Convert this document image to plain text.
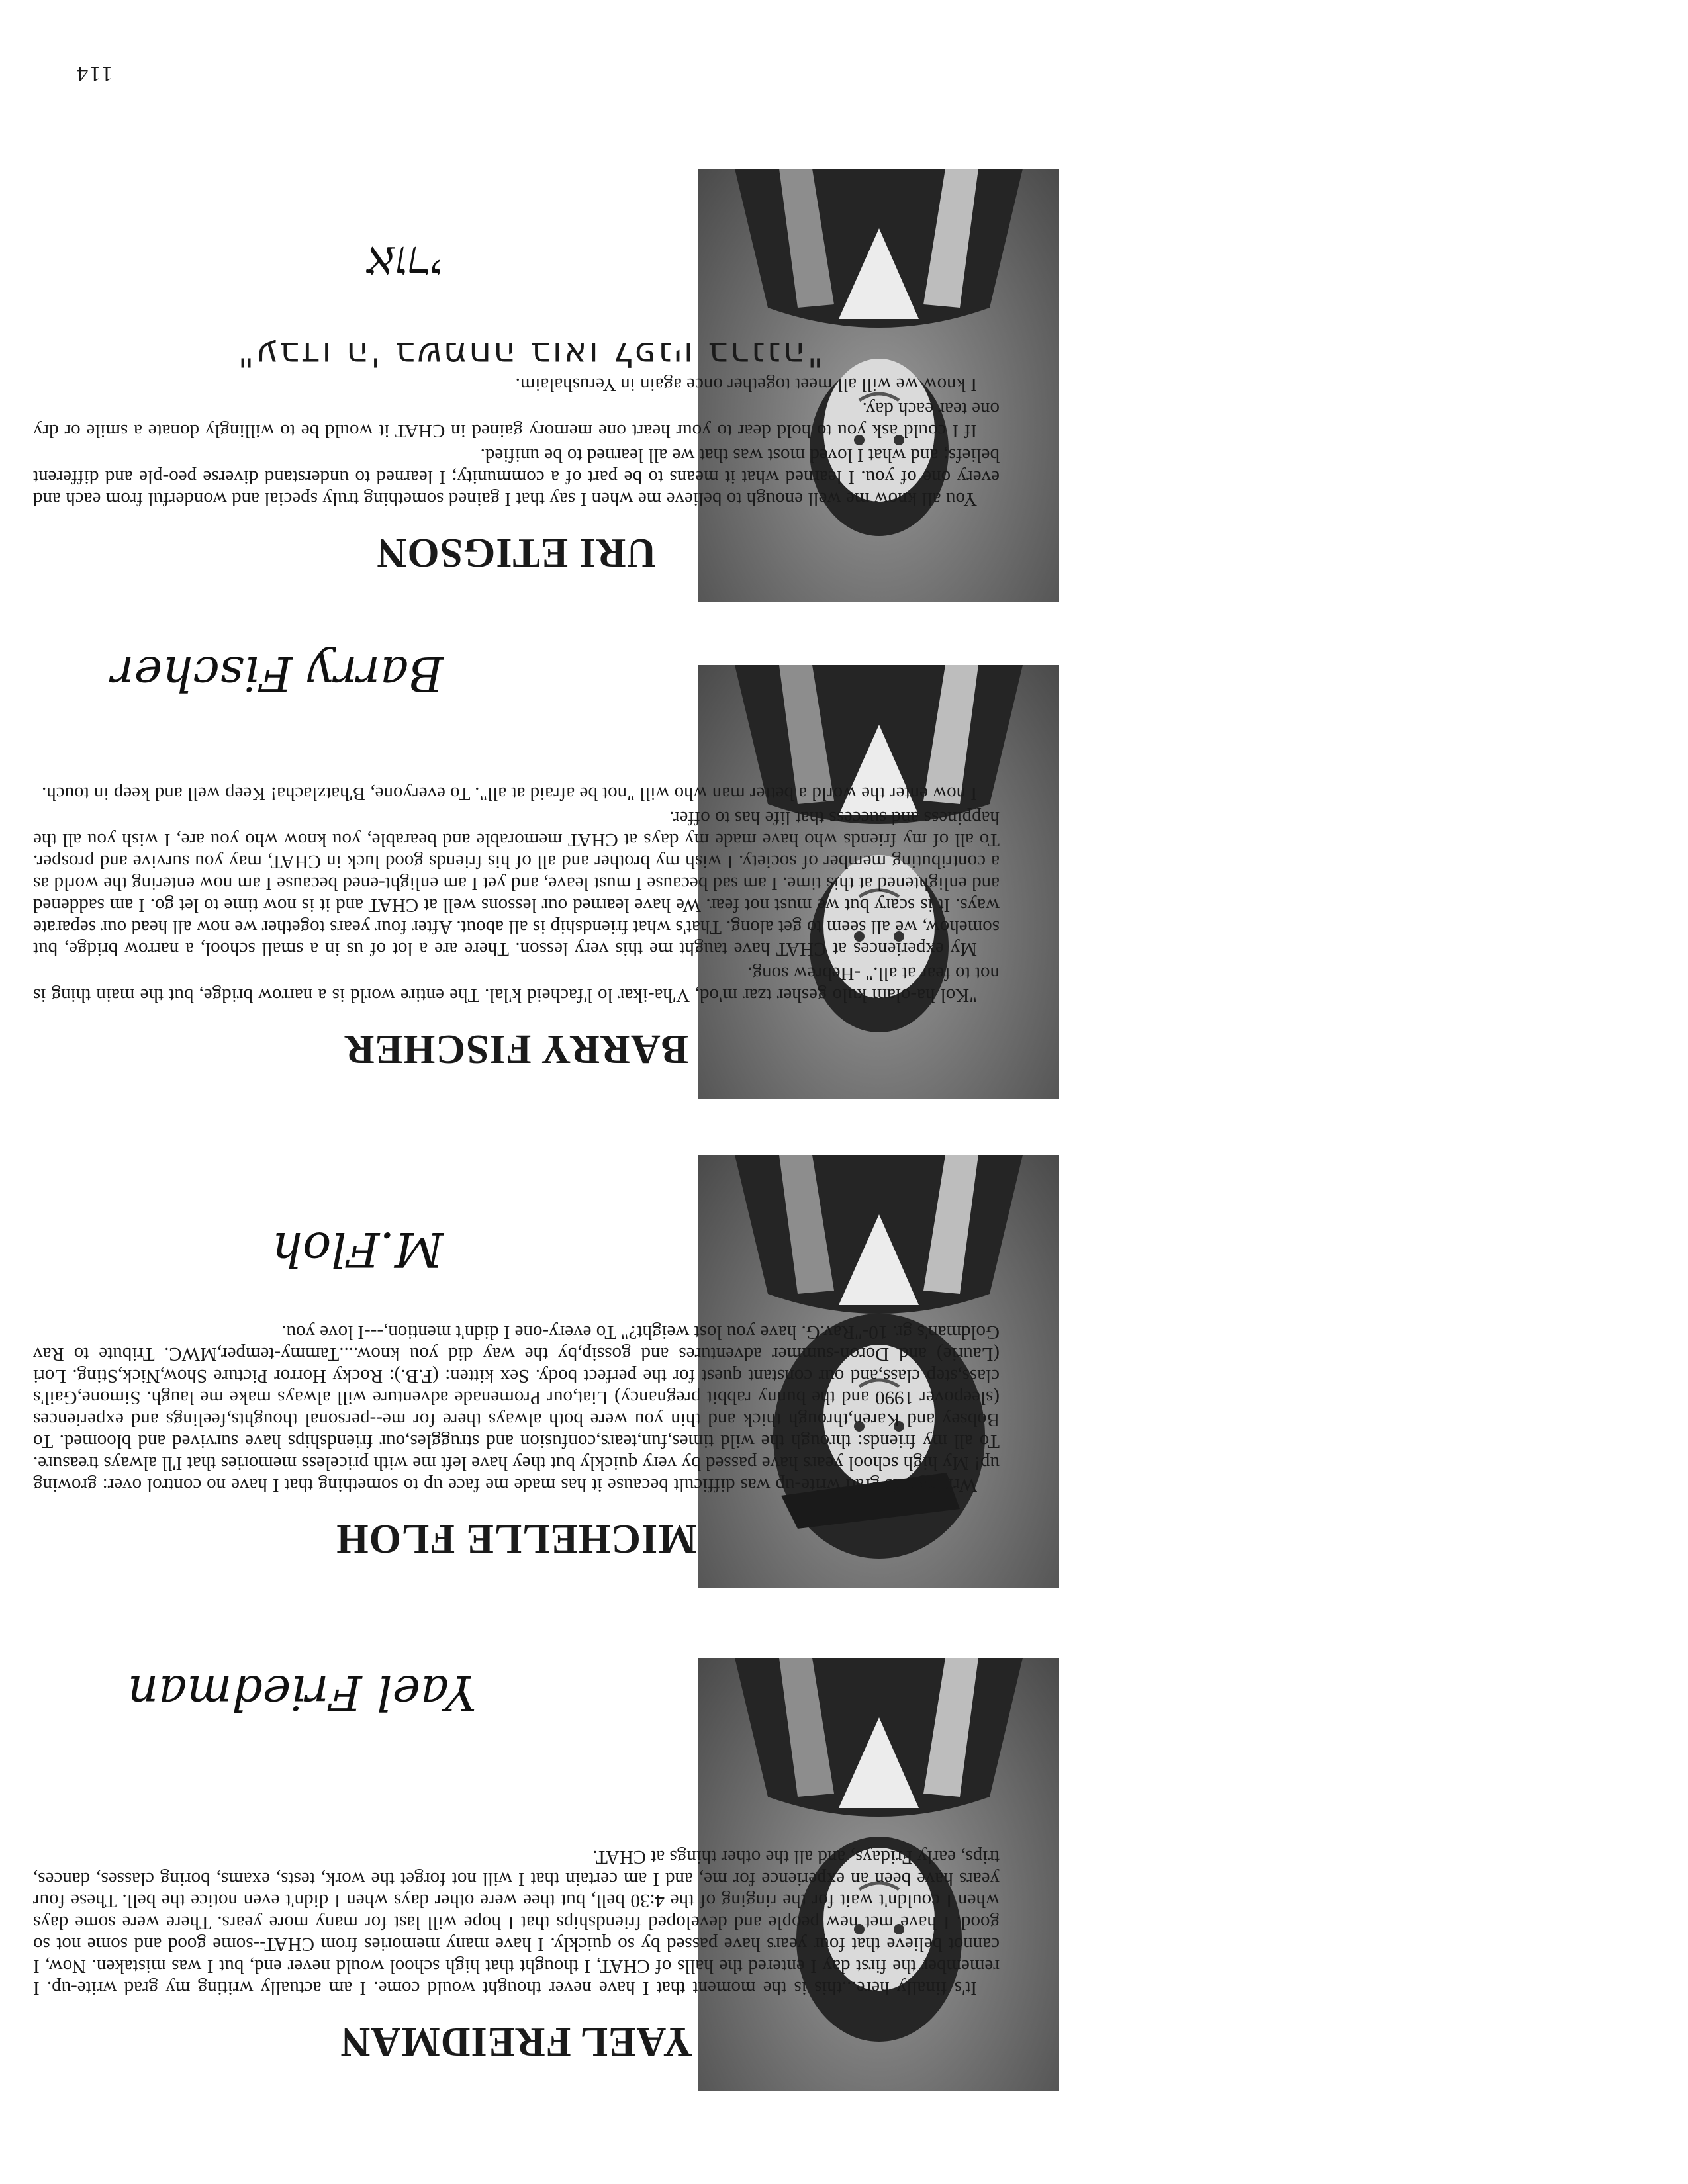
114
YAEL FREIDMAN

It's finally here...this is the moment that I have never thought would come. I am actually writing my grad write-up. I remember the first day I entered the halls of CHAT, I thought that high school would never end, but I was mistaken. Now, I cannot believe that four years have passed by so quickly. I have many memories from CHAT--some good and some not so good. I have met new people and developed friendships that I hope will last for many more years. There were some days when I couldn't wait for the ringing of the 4:30 bell, but thee were other days when I didn't even notice the bell. These four years have been an experience for me, and I am certain that I will not forget the work, tests, exams, boring classes, dances, trips, early Fridays, and all the other things at CHAT.

Yael Friedman
MICHELLE FLOH

Writing this grad write-up was difficult because it has made me face up to something that I have no control over: growing up! My high school years have passed by very quickly but they have left me with priceless memories that I'll always treasure. To all my friends: through the wild times,fun,tears,confusion and struggles,our friendships have survived and bloomed. To Bobsey and Karen,through thick and thin you were both always there for me--personal thoughts,feelings and experiences (sleepover 1990 and the bunny rabbit pregnancy) Liat,our Promenade adventure will always make me laugh. Simone,Gail's class,step class,and our constant quest for the perfect body. Sex kitten: (F.B.): Rocky Horror Picture Show,Nick,Sting. Lori (Laurie) and Doron-summer adventures and gossip,by the way did you know....Tammy-temper,MWC. Tribute to Rav Goldman's gr. 10-"Rav.G. have you lost weight?" To every-one I didn't mention,---I love you.

M.Floh
BARRY FISCHER

"Kol ha-olam kulo gesher tzar m'od, V'ha-ikar lo l'facheid k'lal. The entire world is a narrow bridge, but the main thing is not to fear at all." -Hebrew song.

My experiences at CHAT have taught me this very lesson. There are a lot of us in a small school, a narrow bridge, but somehow, we all seem to get along. That's what friendship is all about. After four years together we now all head our separate ways. It is scary but we must not fear. We have learned our lessons well at CHAT and it is now time to let go. I am saddened and enlightened at this time. I am sad because I must leave, and yet I am enlight-ened because I am now entering the world as a contributing member of society. I wish my brother and all of his friends good luck in CHAT, may you survive and prosper. To all of my friends who have made my days at CHAT memorable and bearable, you know who you are, I wish you all the happiness and success that life has to offer.

I now enter the world a better man who will "not be afraid at all". To everyone, B'hatzlacha! Keep well and keep in touch.

Barry Fischer
URI ETIGSON

You all know me well enough to believe me when I say that I gained something truly special and wonderful from each and every one of you. I learned what it means to be part of a community; I learned to understand diverse peo-ple and different beliefs; and what I loved most was that we all learned to be unified.

If I could ask you to hold dear to your heart one memory gained in CHAT it would be to willingly donate a smile or dry one tear each day.

I know we will all meet together once again in Yerushalaim.

"עבדו ה' בשמחה בואו לפניו ברננה"
אורי
